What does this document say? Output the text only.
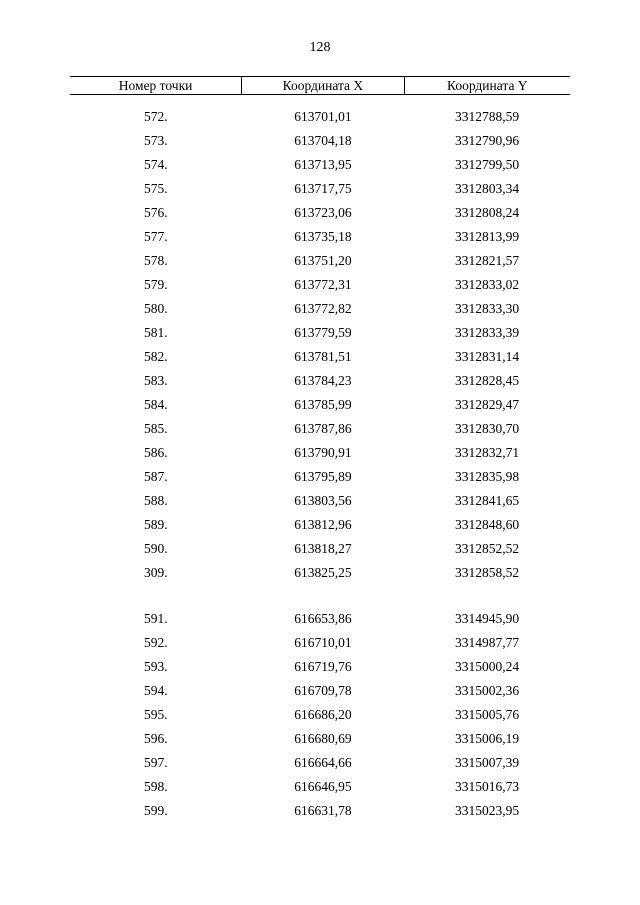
128
Номер точки	Координата X	Координата Y

572.	613701,01	3312788,59
573.	613704,18	3312790,96
574.	613713,95	3312799,50
575.	613717,75	3312803,34
576.	613723,06	3312808,24
577.	613735,18	3312813,99
578.	613751,20	3312821,57
579.	613772,31	3312833,02
580.	613772,82	3312833,30
581.	613779,59	3312833,39
582.	613781,51	3312831,14
583.	613784,23	3312828,45
584.	613785,99	3312829,47
585.	613787,86	3312830,70
586.	613790,91	3312832,71
587.	613795,89	3312835,98
588.	613803,56	3312841,65
589.	613812,96	3312848,60
590.	613818,27	3312852,52
309.	613825,25	3312858,52

591.	616653,86	3314945,90
592.	616710,01	3314987,77
593.	616719,76	3315000,24
594.	616709,78	3315002,36
595.	616686,20	3315005,76
596.	616680,69	3315006,19
597.	616664,66	3315007,39
598.	616646,95	3315016,73
599.	616631,78	3315023,95
